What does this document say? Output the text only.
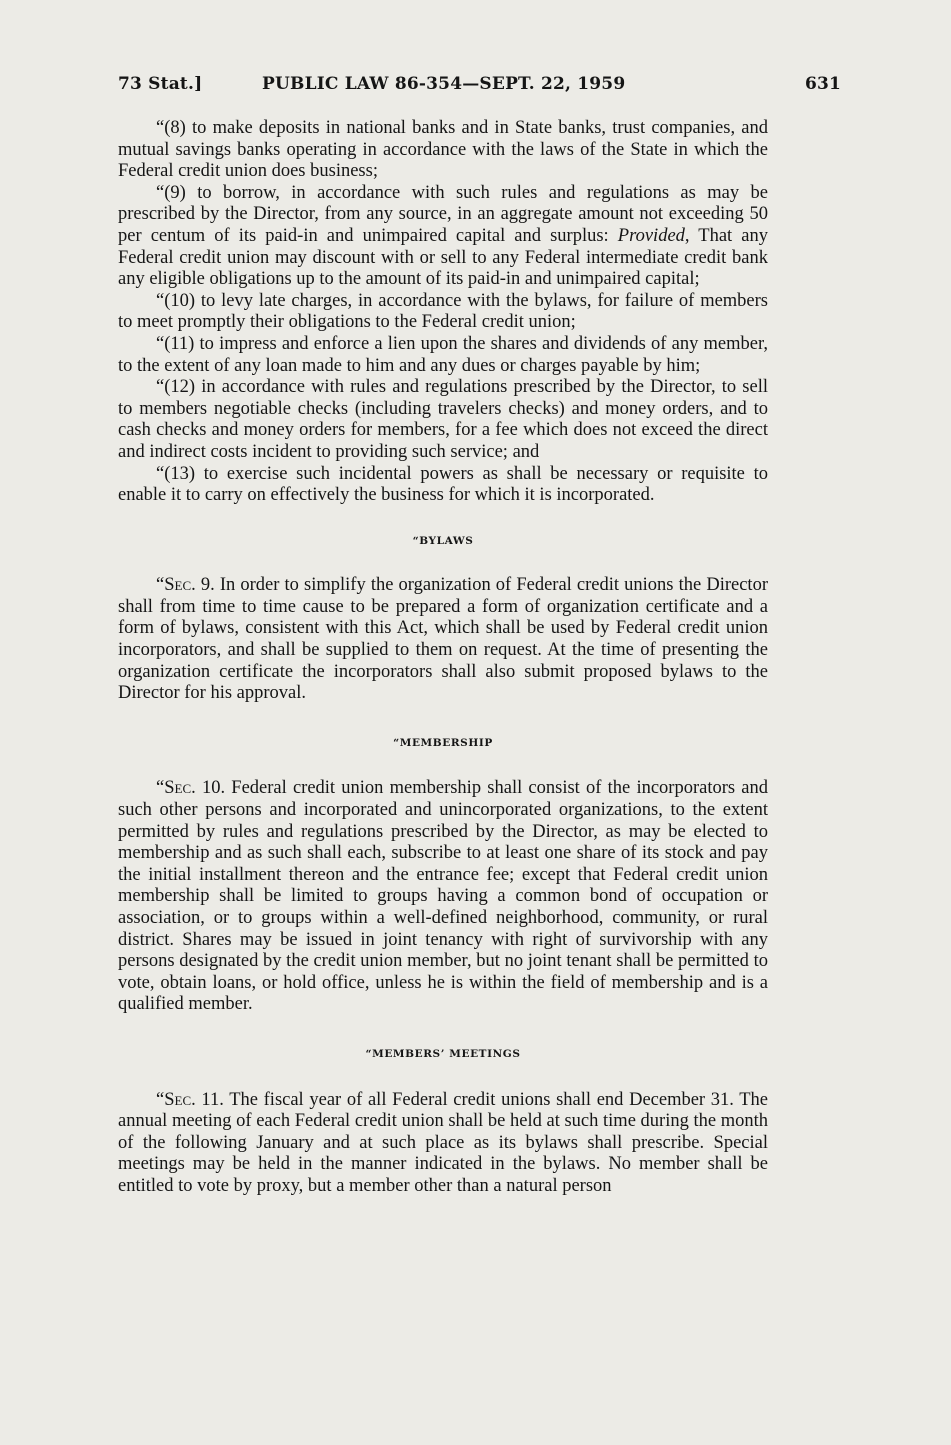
73 Stat.]	PUBLIC LAW 86-354—SEPT. 22, 1959	631

“(8) to make deposits in national banks and in State banks, trust companies, and mutual savings banks operating in accordance with the laws of the State in which the Federal credit union does business;

“(9) to borrow, in accordance with such rules and regulations as may be prescribed by the Director, from any source, in an aggregate amount not exceeding 50 per centum of its paid-in and unimpaired capital and surplus: Provided, That any Federal credit union may discount with or sell to any Federal intermediate credit bank any eligible obligations up to the amount of its paid-in and unimpaired capital;

“(10) to levy late charges, in accordance with the bylaws, for failure of members to meet promptly their obligations to the Federal credit union;

“(11) to impress and enforce a lien upon the shares and dividends of any member, to the extent of any loan made to him and any dues or charges payable by him;

“(12) in accordance with rules and regulations prescribed by the Director, to sell to members negotiable checks (including travelers checks) and money orders, and to cash checks and money orders for members, for a fee which does not exceed the direct and indirect costs incident to providing such service; and

“(13) to exercise such incidental powers as shall be necessary or requisite to enable it to carry on effectively the business for which it is incorporated.

“BYLAWS

“Sec. 9. In order to simplify the organization of Federal credit unions the Director shall from time to time cause to be prepared a form of organization certificate and a form of bylaws, consistent with this Act, which shall be used by Federal credit union incorporators, and shall be supplied to them on request. At the time of presenting the organization certificate the incorporators shall also submit proposed bylaws to the Director for his approval.

“MEMBERSHIP

“Sec. 10. Federal credit union membership shall consist of the incorporators and such other persons and incorporated and unincorporated organizations, to the extent permitted by rules and regulations prescribed by the Director, as may be elected to membership and as such shall each, subscribe to at least one share of its stock and pay the initial installment thereon and the entrance fee; except that Federal credit union membership shall be limited to groups having a common bond of occupation or association, or to groups within a well-defined neighborhood, community, or rural district. Shares may be issued in joint tenancy with right of survivorship with any persons designated by the credit union member, but no joint tenant shall be permitted to vote, obtain loans, or hold office, unless he is within the field of membership and is a qualified member.

“MEMBERS’ MEETINGS

“Sec. 11. The fiscal year of all Federal credit unions shall end December 31. The annual meeting of each Federal credit union shall be held at such time during the month of the following January and at such place as its bylaws shall prescribe. Special meetings may be held in the manner indicated in the bylaws. No member shall be entitled to vote by proxy, but a member other than a natural person
